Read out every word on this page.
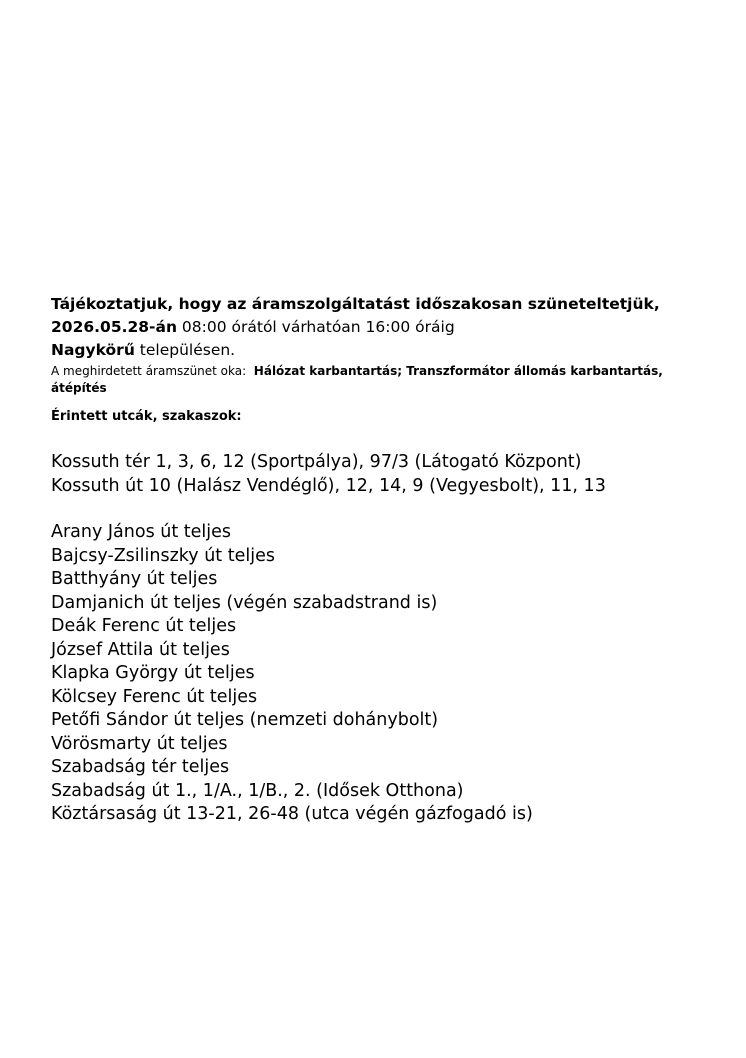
Tájékoztatjuk, hogy az áramszolgáltatást időszakosan szüneteltetjük,
2026.05.28-án 08:00 órától várhatóan 16:00 óráig
Nagykörű településen.
A meghirdetett áramszünet oka:  Hálózat karbantartás; Transzformátor állomás karbantartás, átépítés
Érintett utcák, szakaszok:
Kossuth tér 1, 3, 6, 12 (Sportpálya), 97/3 (Látogató Központ)
Kossuth út 10 (Halász Vendéglő), 12, 14, 9 (Vegyesbolt), 11, 13
Arany János út teljes
Bajcsy-Zsilinszky út teljes
Batthyány út teljes
Damjanich út teljes (végén szabadstrand is)
Deák Ferenc út teljes
József Attila út teljes
Klapka György út teljes
Kölcsey Ferenc út teljes
Petőfi Sándor út teljes (nemzeti dohánybolt)
Vörösmarty út teljes
Szabadság tér teljes
Szabadság út 1., 1/A., 1/B., 2. (Idősek Otthona)
Köztársaság út 13-21, 26-48 (utca végén gázfogadó is)
